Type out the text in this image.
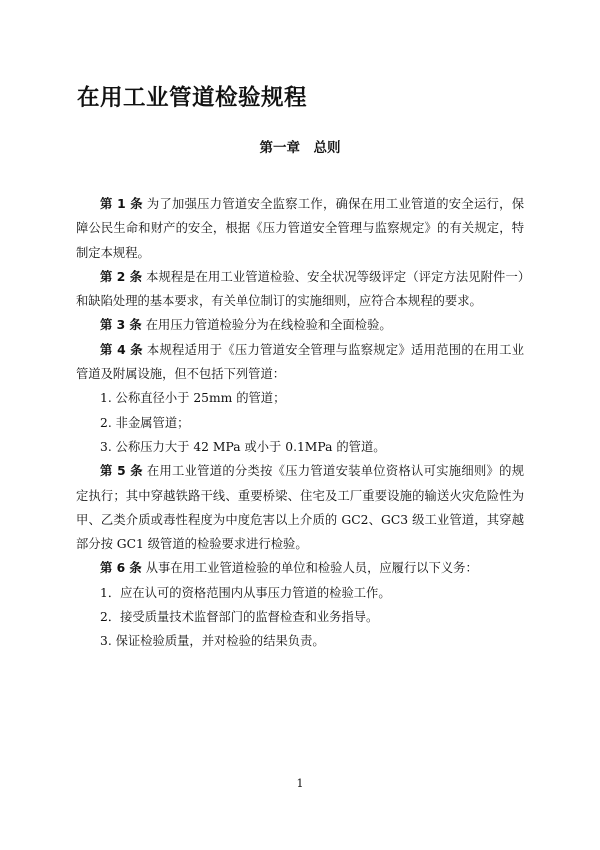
在用工业管道检验规程
第一章　总则

第 1 条 为了加强压力管道安全监察工作，确保在用工业管道的安全运行，保障公民生命和财产的安全，根据《压力管道安全管理与监察规定》的有关规定，特制定本规程。

第 2 条 本规程是在用工业管道检验、安全状况等级评定（评定方法见附件一）和缺陷处理的基本要求，有关单位制订的实施细则，应符合本规程的要求。

第 3 条 在用压力管道检验分为在线检验和全面检验。

第 4 条 本规程适用于《压力管道安全管理与监察规定》适用范围的在用工业管道及附属设施，但不包括下列管道：

1. 公称直径小于 25mm 的管道；

2. 非金属管道；

3. 公称压力大于 42 MPa 或小于 0.1MPa 的管道。

第 5 条 在用工业管道的分类按《压力管道安装单位资格认可实施细则》的规定执行；其中穿越铁路干线、重要桥梁、住宅及工厂重要设施的输送火灾危险性为甲、乙类介质或毒性程度为中度危害以上介质的 GC2、GC3 级工业管道，其穿越部分按 GC1 级管道的检验要求进行检验。

第 6 条 从事在用工业管道检验的单位和检验人员，应履行以下义务：

1．应在认可的资格范围内从事压力管道的检验工作。

2．接受质量技术监督部门的监督检查和业务指导。

3. 保证检验质量，并对检验的结果负责。

1
